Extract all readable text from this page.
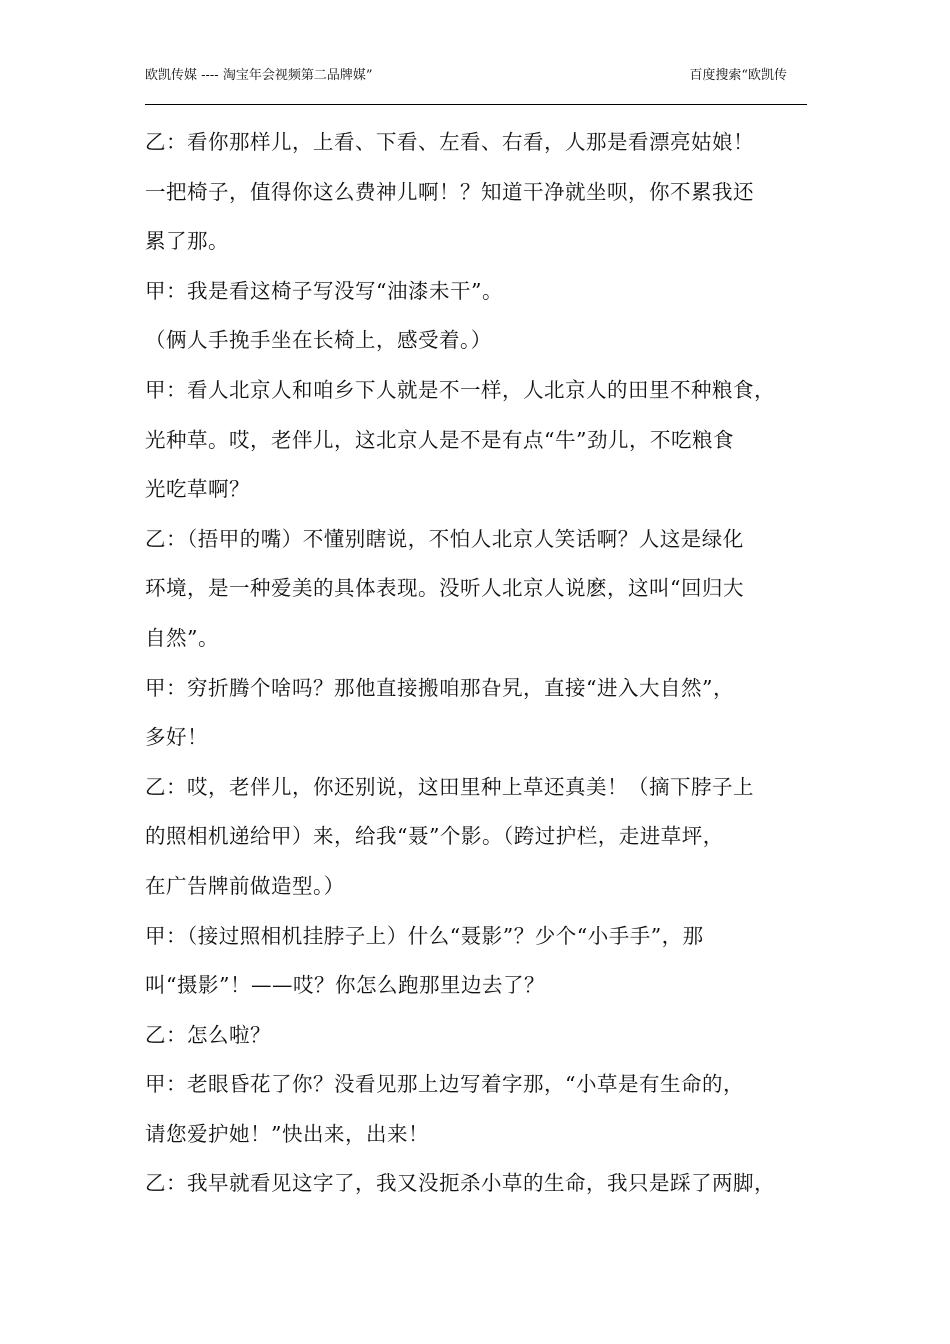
欧凯传媒 ---- 淘宝年会视频第二品牌媒”	百度搜索“欧凯传
乙：看你那样儿，上看、下看、左看、右看，人那是看漂亮姑娘！
一把椅子，值得你这么费神儿啊！？知道干净就坐呗，你不累我还
累了那。
甲：我是看这椅子写没写“油漆未干”。
（俩人手挽手坐在长椅上，感受着。）
甲：看人北京人和咱乡下人就是不一样，人北京人的田里不种粮食，
光种草。哎，老伴儿，这北京人是不是有点“牛”劲儿，不吃粮食
光吃草啊？
乙：（捂甲的嘴）不懂别瞎说，不怕人北京人笑话啊？人这是绿化
环境，是一种爱美的具体表现。没听人北京人说麽，这叫“回归大
自然”。
甲：穷折腾个啥吗？那他直接搬咱那旮旯，直接“进入大自然”，
多好！
乙：哎，老伴儿，你还别说，这田里种上草还真美！（摘下脖子上
的照相机递给甲）来，给我“聂”个影。（跨过护栏，走进草坪，
在广告牌前做造型。）
甲：（接过照相机挂脖子上）什么“聂影”？少个“小手手”，那
叫“摄影”！——哎？你怎么跑那里边去了？
乙：怎么啦？
甲：老眼昏花了你？没看见那上边写着字那，“小草是有生命的，
请您爱护她！”快出来，出来！
乙：我早就看见这字了，我又没扼杀小草的生命，我只是踩了两脚，
